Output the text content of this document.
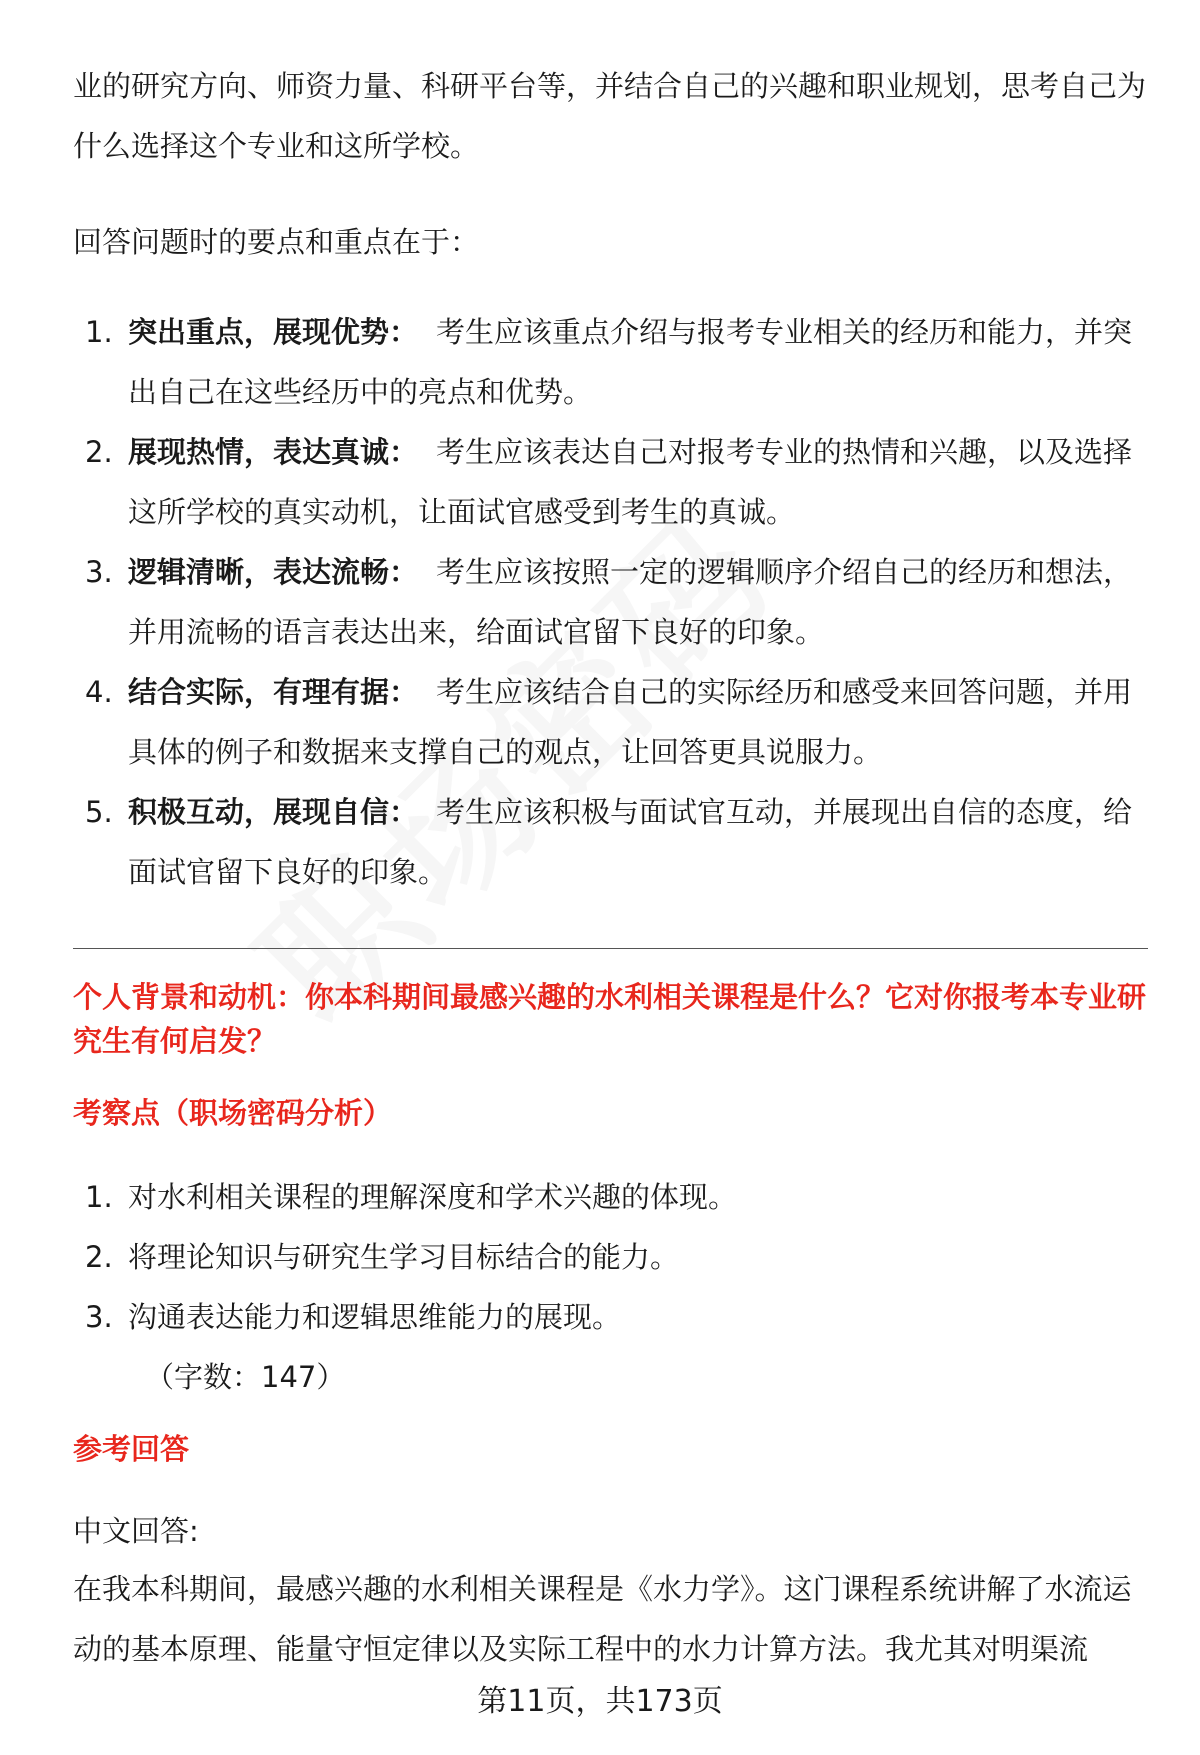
业的研究方向、师资力量、科研平台等，并结合自己的兴趣和职业规划，思考自己为什么选择这个专业和这所学校。

回答问题时的要点和重点在于：

1. 突出重点，展现优势： 考生应该重点介绍与报考专业相关的经历和能力，并突出自己在这些经历中的亮点和优势。
2. 展现热情，表达真诚： 考生应该表达自己对报考专业的热情和兴趣，以及选择这所学校的真实动机，让面试官感受到考生的真诚。
3. 逻辑清晰，表达流畅： 考生应该按照一定的逻辑顺序介绍自己的经历和想法，并用流畅的语言表达出来，给面试官留下良好的印象。
4. 结合实际，有理有据： 考生应该结合自己的实际经历和感受来回答问题，并用具体的例子和数据来支撑自己的观点，让回答更具说服力。
5. 积极互动，展现自信： 考生应该积极与面试官互动，并展现出自信的态度，给面试官留下良好的印象。

个人背景和动机：你本科期间最感兴趣的水利相关课程是什么？它对你报考本专业研究生有何启发？

考察点（职场密码分析）

1. 对水利相关课程的理解深度和学术兴趣的体现。
2. 将理论知识与研究生学习目标结合的能力。
3. 沟通表达能力和逻辑思维能力的展现。

（字数：147）

参考回答

中文回答:

在我本科期间，最感兴趣的水利相关课程是《水力学》。这门课程系统讲解了水流运动的基本原理、能量守恒定律以及实际工程中的水力计算方法。我尤其对明渠流

第11页，共173页
